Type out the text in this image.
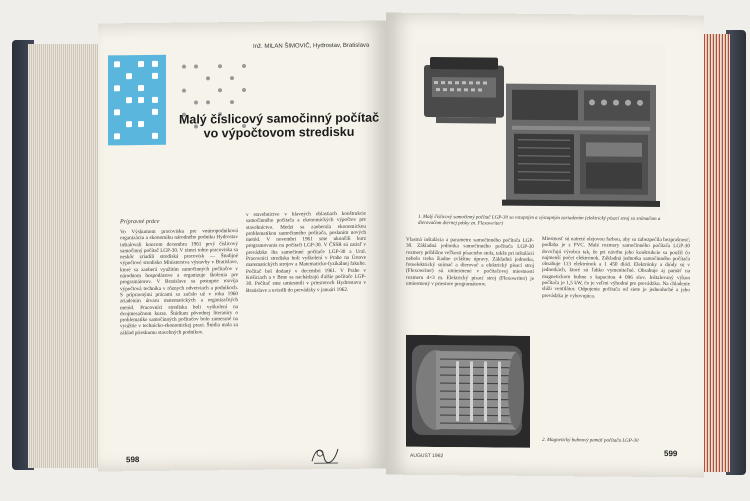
Inž. MILAN ŠIMOVIČ, Hydrostav, Bratislava
Malý číslicový samočinný počítač vo výpočtovom stredisku
Prípravné práce
Vo Výskumom pracovisku pre vnútropodnikovú organizáciu a ekonomiku národného podniku Hydrostav inštalovali koncom decembra 1961 prvý číslicový samočinný počítač LGP-30. V rámci tohto pracoviska sa neskôr zriadili strediská pracovísk — Študijné výpočtové stredisko Ministerstva výstavby v Bratislave, ktoré sa zaoberá využitím samočinných počítačov v národnom hospodárstve a organizuje školenia pre programátorov. V Bratislave sa postupne rozvíja výpočtová technika v rôznych odvetviach a podnikoch. S prípravnými prácami sa začalo už v roku 1960 zriadením útvaru matematických a organizačných metód. Pracovníci strediska boli vyškolení na dvojmesačnom kurze. Štúdium pôvodnej literatúry o problematike samočinných počítačov bolo zamerané na využitie v technicko-ekonomickej praxi. Štúdia mala za základ prieskumu stavebných podnikov.
v stavebníctve v hlavných oblastiach konštrukcie samočinného počítača a ekonomických výpočtov pre stavebníctvo. Medzi sa zaoberala ekonomickou problematikou samočinného počítača, poslaním nových metód. V novembri 1961 sme ukončili kurz programovania na počítači LGP-30. V ČSSR sú zatiaľ v prevádzke iba samočinné počítače LGP-30 a Ural. Pracovníci strediska boli vyškolení v Prahe na Ústave matematických strojov a Matematicko-fyzikálnej fakulte. Počítač bol dodaný v decembri 1961. V Prahe v Košiciach a v Brne sa nachádzajú ďalšie počítače LGP-30. Počítač sme umiestnili v priestoroch Hydrostavu v Bratislave a uviedli do prevádzky v januári 1962.
598
1. Malý číslicový samočinný počítač LGP-30 so vstupným a výstupným zariadením (elektrický písací stroj so snímačom a dierovačom diernej pásky zn. Flexowriter)
Vlastná inštalácia a parametre samočinného počítača LGP-30. Základná jednotka samočinného počítača LGP-30 rozmery približne veľkosti písacieho stola, takže pri inštalácii nebolo treba žiadne zvláštne úpravy. Základná jednotka, fotoelektrický snímač a dierovač a elektrický písací stroj (Flexowriter) sú umiestnené v počítačovej miestnosti rozmeru 4×3 m. Elektrický písací stroj (Flexowriter) je umiestnený v priestore programátorov.
Miestnosť sú natreté olejovou farbou, aby sa zabezpečila bezprašnosť; podlaha je z PVC. Malé rozmery samočinného počítača LGP-30 dovoľujú výrobca tak, že pri návrhu jeho konštrukcie sa použil čo najmenší počet elektrónok. Základná jednotka samočinného počítača obsahuje 113 elektrónok a 1 450 diód. Elektrónky a diódy sú v jednotkách, ktoré sú ľahko vymeniteľné. Obsahuje aj pamäť na magnetickom bubne s kapacitou 4 096 slov. Inštalovaný výkon počítača je 1,5 kW, čo je veľmi výhodné pre prevádzku. Na chladenie slúži ventilátor. Odpojenie počítača od siete je jednoduché a jeho prevádzka je vyhovujúca.
2. Magnetický bubnový pamäť počítača LGP-30
AUGUST 1962	599
